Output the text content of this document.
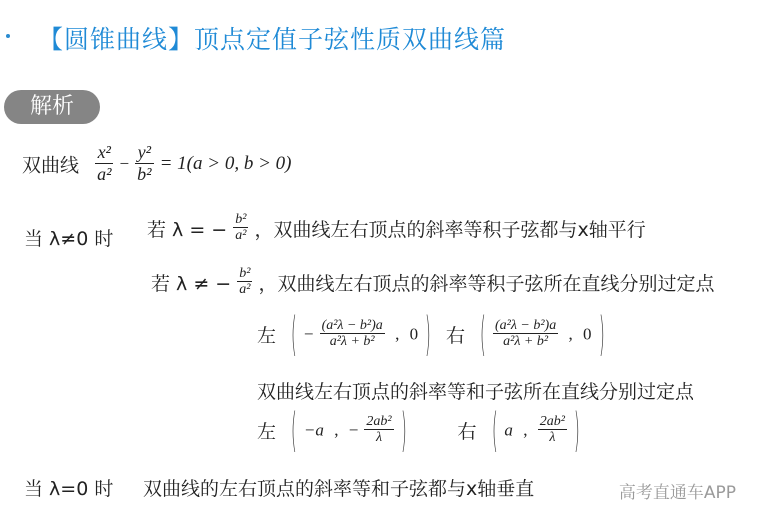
【圆锥曲线】顶点定值子弦性质双曲线篇
解析
双曲线 $\frac{\text{x²}}{\text{a²}} - \frac{\text{y²}}{\text{b²}} = 1(a > 0$, b > 0)
当 λ≠0 时 若 λ = − $\frac{\text{b²}}{\text{a²}}$ ，双曲线左右顶点的斜率等积子弦都与x轴平行
若 λ ≠ − $\frac{\text{b²}}{\text{a²}}$ ，双曲线左右顶点的斜率等积子弦所在直线分别过定点
左 ( − $\frac{\text{(a²λ − b²)a}}{\text{a²λ + b²}}$ ,  0 ) 右 ( $\frac{\text{(a²λ − b²)a}}{\text{a²λ + b²}}$ ,  0 )
双曲线左右顶点的斜率等和子弦所在直线分别过定点
左 ( −a  ,  − $\frac{\text{2ab²}}{\lambda}$ )	右 ( a  , $\frac{\text{2ab²}}{\lambda}$ )
当 λ=0 时 双曲线的左右顶点的斜率等和子弦都与x轴垂直	高考直通车APP
